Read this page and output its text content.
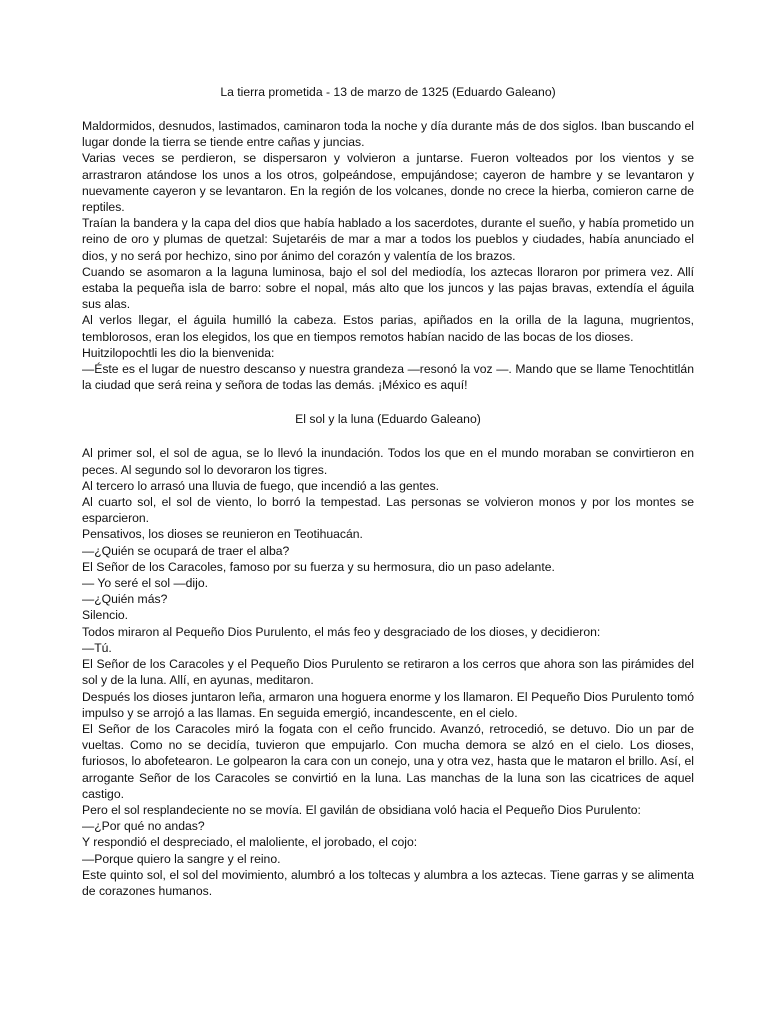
La tierra prometida - 13 de marzo de 1325 (Eduardo Galeano)

Maldormidos, desnudos, lastimados, caminaron toda la noche y día durante más de dos siglos. Iban buscando el lugar donde la tierra se tiende entre cañas y juncias.

Varias veces se perdieron, se dispersaron y volvieron a juntarse. Fueron volteados por los vientos y se arrastraron atándose los unos a los otros, golpeándose, empujándose; cayeron de hambre y se levantaron y nuevamente cayeron y se levantaron. En la región de los volcanes, donde no crece la hierba, comieron carne de reptiles.

Traían la bandera y la capa del dios que había hablado a los sacerdotes, durante el sueño, y había prometido un reino de oro y plumas de quetzal: Sujetaréis de mar a mar a todos los pueblos y ciudades, había anunciado el dios, y no será por hechizo, sino por ánimo del corazón y valentía de los brazos.

Cuando se asomaron a la laguna luminosa, bajo el sol del mediodía, los aztecas lloraron por primera vez. Allí estaba la pequeña isla de barro: sobre el nopal, más alto que los juncos y las pajas bravas, extendía el águila sus alas.

Al verlos llegar, el águila humilló la cabeza. Estos parias, apiñados en la orilla de la laguna, mugrientos, temblorosos, eran los elegidos, los que en tiempos remotos habían nacido de las bocas de los dioses.

Huitzilopochtli les dio la bienvenida:

—Éste es el lugar de nuestro descanso y nuestra grandeza —resonó la voz —. Mando que se llame Tenochtitlán la ciudad que será reina y señora de todas las demás. ¡México es aquí!

El sol y la luna (Eduardo Galeano)

Al primer sol, el sol de agua, se lo llevó la inundación. Todos los que en el mundo moraban se convirtieron en peces. Al segundo sol lo devoraron los tigres.

Al tercero lo arrasó una lluvia de fuego, que incendió a las gentes.

Al cuarto sol, el sol de viento, lo borró la tempestad. Las personas se volvieron monos y por los montes se esparcieron.

Pensativos, los dioses se reunieron en Teotihuacán.

—¿Quién se ocupará de traer el alba?

El Señor de los Caracoles, famoso por su fuerza y su hermosura, dio un paso adelante.

— Yo seré el sol —dijo.

—¿Quién más?

Silencio.

Todos miraron al Pequeño Dios Purulento, el más feo y desgraciado de los dioses, y decidieron:

—Tú.

El Señor de los Caracoles y el Pequeño Dios Purulento se retiraron a los cerros que ahora son las pirámides del sol y de la luna. Allí, en ayunas, meditaron.

Después los dioses juntaron leña, armaron una hoguera enorme y los llamaron. El Pequeño Dios Purulento tomó impulso y se arrojó a las llamas. En seguida emergió, incandescente, en el cielo.

El Señor de los Caracoles miró la fogata con el ceño fruncido. Avanzó, retrocedió, se detuvo. Dio un par de vueltas. Como no se decidía, tuvieron que empujarlo. Con mucha demora se alzó en el cielo. Los dioses, furiosos, lo abofetearon. Le golpearon la cara con un conejo, una y otra vez, hasta que le mataron el brillo. Así, el arrogante Señor de los Caracoles se convirtió en la luna. Las manchas de la luna son las cicatrices de aquel castigo.

Pero el sol resplandeciente no se movía. El gavilán de obsidiana voló hacia el Pequeño Dios Purulento:

—¿Por qué no andas?

Y respondió el despreciado, el maloliente, el jorobado, el cojo:

—Porque quiero la sangre y el reino.

Este quinto sol, el sol del movimiento, alumbró a los toltecas y alumbra a los aztecas. Tiene garras y se alimenta de corazones humanos.
